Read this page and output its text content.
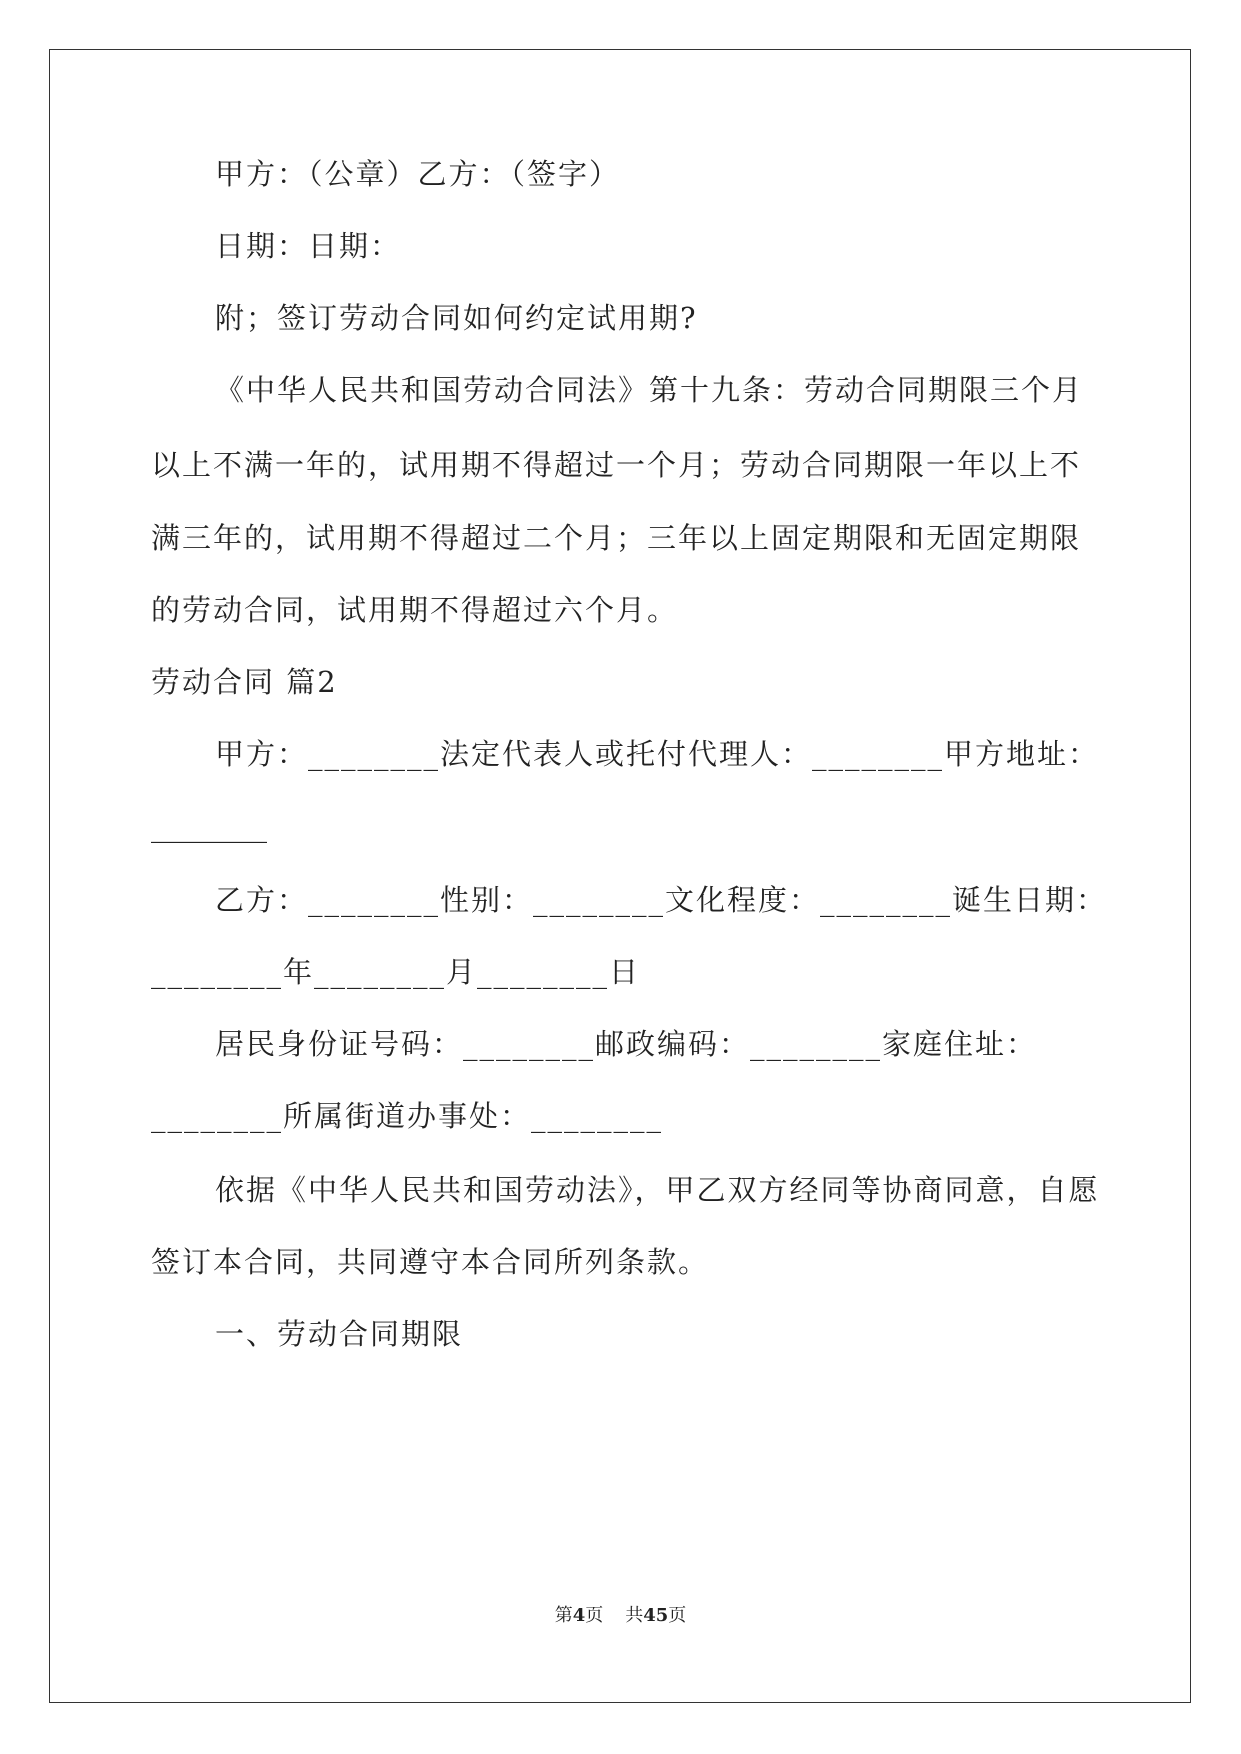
甲方：（公章）乙方：（签字）
日期：日期：
附；签订劳动合同如何约定试用期?
《中华人民共和国劳动合同法》第十九条：劳动合同期限三个月
以上不满一年的，试用期不得超过一个月；劳动合同期限一年以上不
满三年的，试用期不得超过二个月；三年以上固定期限和无固定期限
的劳动合同，试用期不得超过六个月。
劳动合同 篇2
甲方：________法定代表人或托付代理人：________甲方地址：
________
乙方：________性别：________文化程度：________诞生日期：
________年________月________日
居民身份证号码：________邮政编码：________家庭住址：
________所属街道办事处：________
依据《中华人民共和国劳动法》，甲乙双方经同等协商同意，自愿
签订本合同，共同遵守本合同所列条款。
一、劳动合同期限
第4页 共45页
